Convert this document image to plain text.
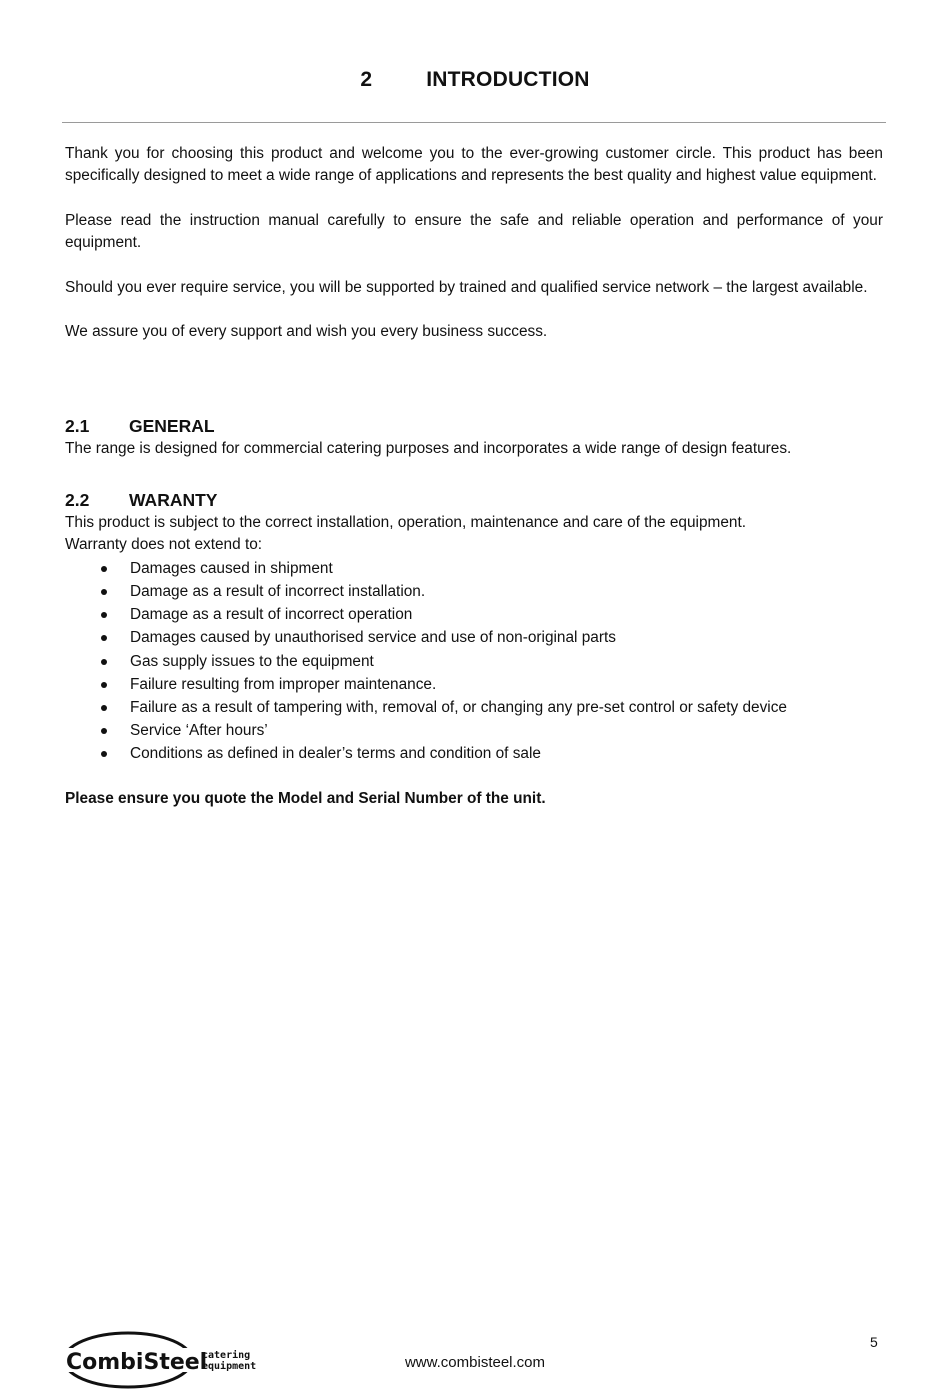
2	INTRODUCTION

Thank you for choosing this product and welcome you to the ever-growing customer circle. This product has been specifically designed to meet a wide range of applications and represents the best quality and highest value equipment.

Please read the instruction manual carefully to ensure the safe and reliable operation and performance of your equipment.

Should you ever require service, you will be supported by trained and qualified service network – the largest available.

We assure you of every support and wish you every business success.

2.1 GENERAL

The range is designed for commercial catering purposes and incorporates a wide range of design features.

2.2 WARANTY

This product is subject to the correct installation, operation, maintenance and care of the equipment.

Warranty does not extend to:

Damages caused in shipment
Damage as a result of incorrect installation.
Damage as a result of incorrect operation
Damages caused by unauthorised service and use of non-original parts
Gas supply issues to the equipment
Failure resulting from improper maintenance.
Failure as a result of tampering with, removal of, or changing any pre-set control or safety device
Service ‘After hours’
Conditions as defined in dealer’s terms and condition of sale

Please ensure you quote the Model and Serial Number of the unit.

5
CombiSteel
catering
equipment	www.combisteel.com
